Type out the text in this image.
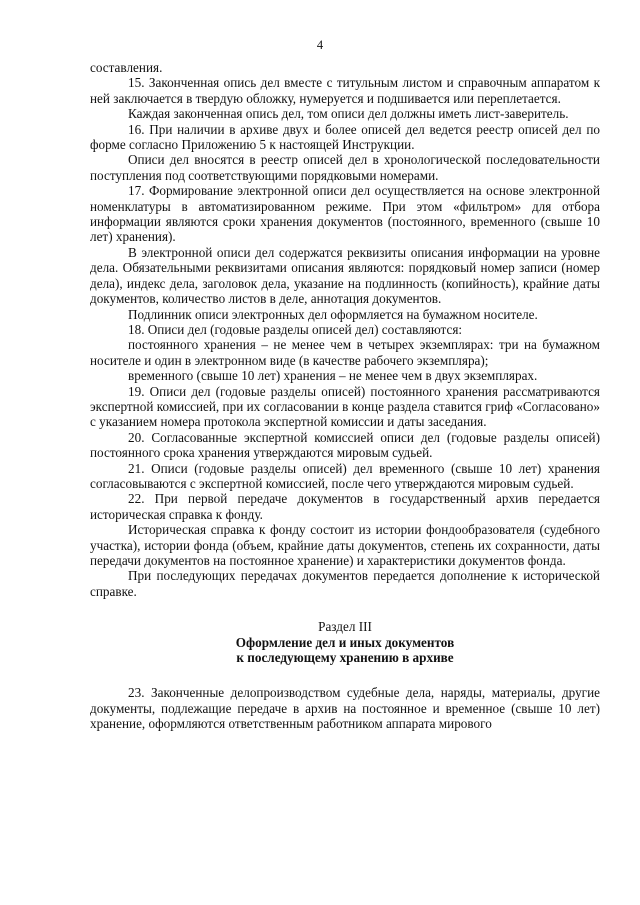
4

составления.

15. Законченная опись дел вместе с титульным листом и справочным аппаратом к ней заключается в твердую обложку, нумеруется и подшивается или переплетается.

Каждая законченная опись дел, том описи дел должны иметь лист-заверитель.

16. При наличии в архиве двух и более описей дел ведется реестр описей дел по форме согласно Приложению 5 к настоящей Инструкции.

Описи дел вносятся в реестр описей дел в хронологической последовательности поступления под соответствующими порядковыми номерами.

17. Формирование электронной описи дел осуществляется на основе электронной номенклатуры в автоматизированном режиме. При этом «фильтром» для отбора информации являются сроки хранения документов (постоянного, временного (свыше 10 лет) хранения).

В электронной описи дел содержатся реквизиты описания информации на уровне дела. Обязательными реквизитами описания являются: порядковый номер записи (номер дела), индекс дела, заголовок дела, указание на подлинность (копийность), крайние даты документов, количество листов в деле, аннотация документов.

Подлинник описи электронных дел оформляется на бумажном носителе.

18. Описи дел (годовые разделы описей дел) составляются:

постоянного хранения – не менее чем в четырех экземплярах: три на бумажном носителе и один в электронном виде (в качестве рабочего экземпляра);

временного (свыше 10 лет) хранения – не менее чем в двух экземплярах.

19. Описи дел (годовые разделы описей) постоянного хранения рассматриваются экспертной комиссией, при их согласовании в конце раздела ставится гриф «Согласовано» с указанием номера протокола экспертной комиссии и даты заседания.

20. Согласованные экспертной комиссией описи дел (годовые разделы описей) постоянного срока хранения утверждаются мировым судьей.

21. Описи (годовые разделы описей) дел временного (свыше 10 лет) хранения согласовываются с экспертной комиссией, после чего утверждаются мировым судьей.

22. При первой передаче документов в государственный архив передается историческая справка к фонду.

Историческая справка к фонду состоит из истории фондообразователя (судебного участка), истории фонда (объем, крайние даты документов, степень их сохранности, даты передачи документов на постоянное хранение) и характеристики документов фонда.

При последующих передачах документов передается дополнение к исторической справке.

Раздел III
Оформление дел и иных документов
к последующему хранению в архиве

23. Законченные делопроизводством судебные дела, наряды, материалы, другие документы, подлежащие передаче в архив на постоянное и временное (свыше 10 лет) хранение, оформляются ответственным работником аппарата мирового
